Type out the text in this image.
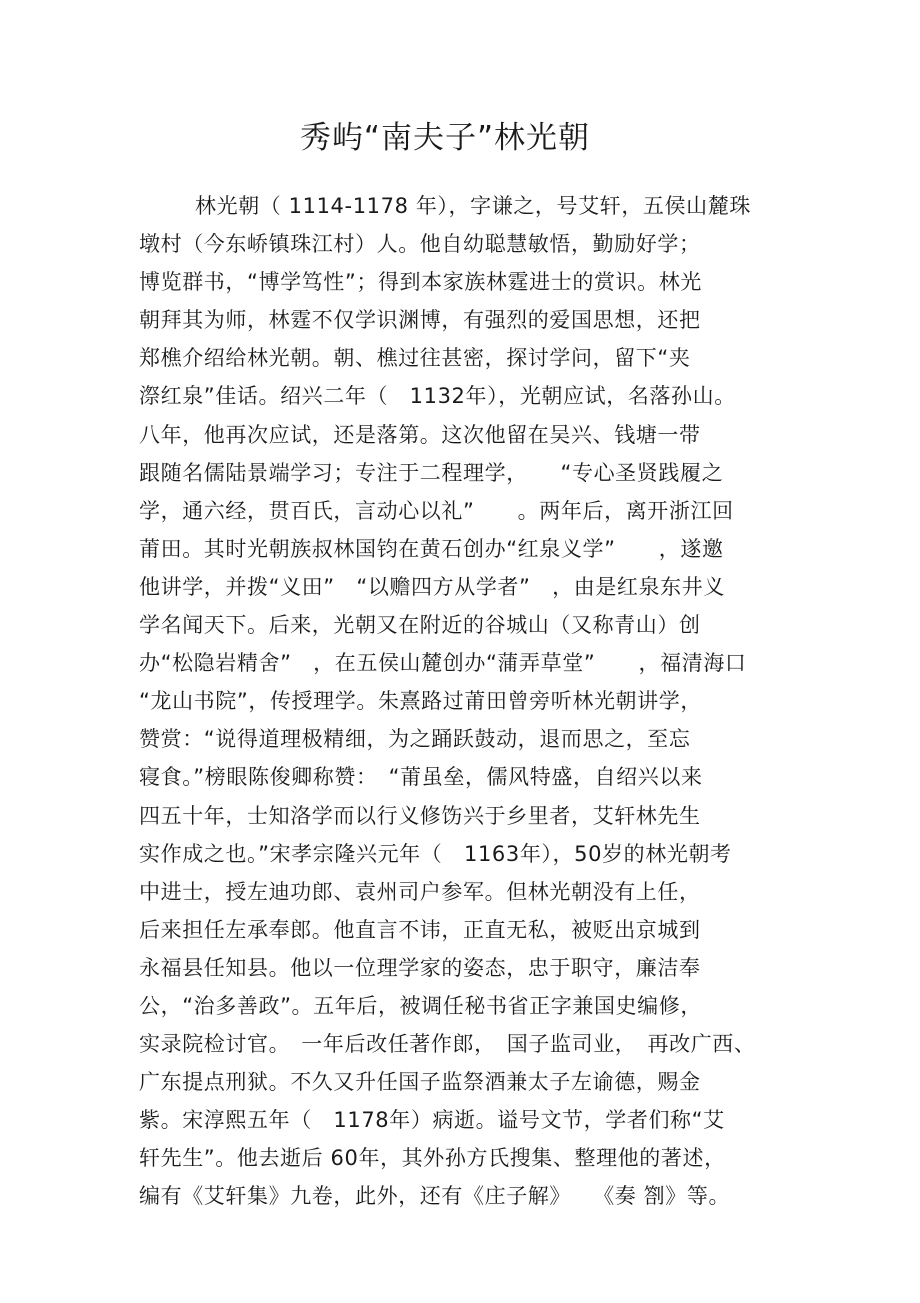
秀屿“南夫子”林光朝
林光朝（ 1114-1178 年），字谦之，号艾轩，五侯山麓珠
墩村（今东峤镇珠江村）人。他自幼聪慧敏悟，勤励好学；
博览群书，“博学笃性”；得到本家族林霆进士的赏识。林光
朝拜其为师，林霆不仅学识渊博，有强烈的爱国思想，还把
郑樵介绍给林光朝。朝、樵过往甚密，探讨学问，留下“夹
漈红泉”佳话。绍兴二年（　1132年），光朝应试，名落孙山。
八年，他再次应试，还是落第。这次他留在吴兴、钱塘一带
跟随名儒陆景端学习；专注于二程理学，　　“专心圣贤践履之
学，通六经，贯百氏，言动心以礼”　　。两年后，离开浙江回
莆田。其时光朝族叔林国钧在黄石创办“红泉义学”　　，遂邀
他讲学，并拨“义田”　“以赡四方从学者”　，由是红泉东井义
学名闻天下。后来，光朝又在附近的谷城山（又称青山）创
办“松隐岩精舍”　，在五侯山麓创办“蒲弄草堂”　　，福清海口
“龙山书院”，传授理学。朱熹路过莆田曾旁听林光朝讲学，
赞赏：“说得道理极精细，为之踊跃鼓动，退而思之，至忘
寝食。”榜眼陈俊卿称赞：　“莆虽垒，儒风特盛，自绍兴以来
四五十年，士知洛学而以行义修饬兴于乡里者，艾轩林先生
实作成之也。”宋孝宗隆兴元年（　1163年），50岁的林光朝考
中进士，授左迪功郎、袁州司户参军。但林光朝没有上任，
后来担任左承奉郎。他直言不讳，正直无私，被贬出京城到
永福县任知县。他以一位理学家的姿态，忠于职守，廉洁奉
公，“治多善政”。五年后，被调任秘书省正字兼国史编修，
实录院检讨官。　一年后改任著作郎，　国子监司业，　再改广西、
广东提点刑狱。不久又升任国子监祭酒兼太子左谕德，赐金
紫。宋淳熙五年（　1178年）病逝。谥号文节，学者们称“艾
轩先生”。他去逝后 60年，其外孙方氏搜集、整理他的著述，
编有《艾轩集》九卷，此外，还有《庄子解》　　《奏 劄》等。
